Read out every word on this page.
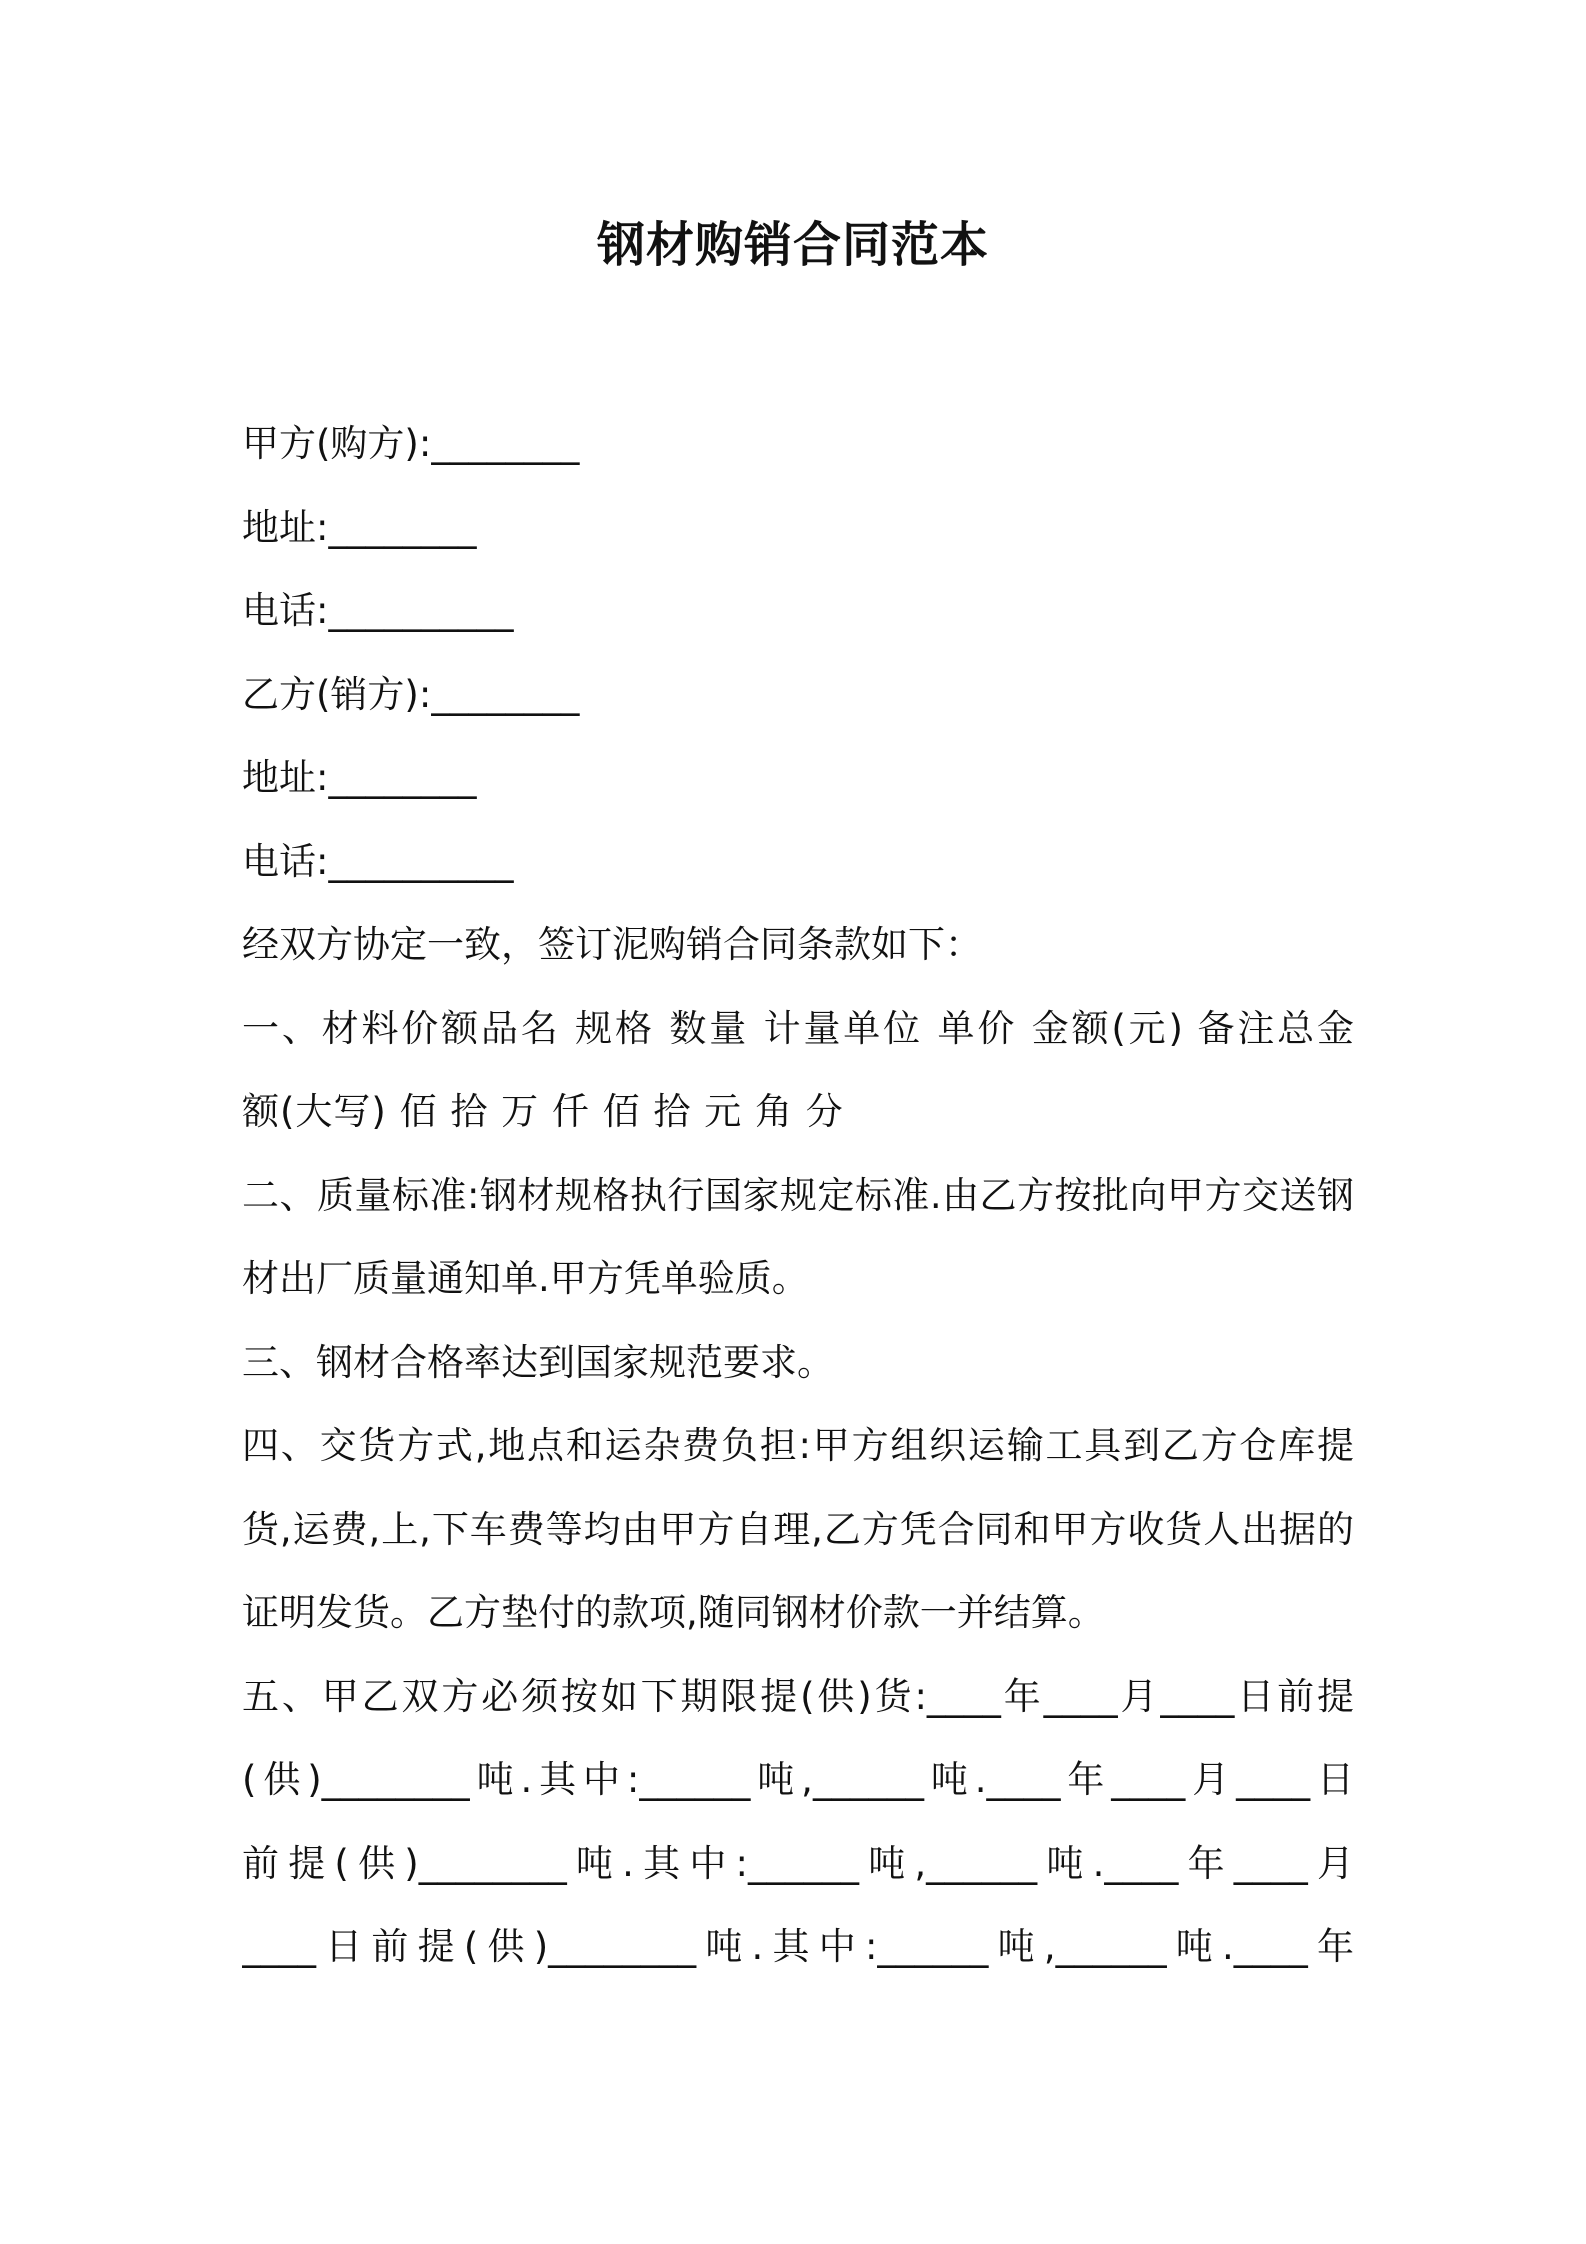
钢材购销合同范本
甲方(购方):________
地址:________
电话:__________
乙方(销方):________
地址:________
电话:__________
经双方协定一致，签订泥购销合同条款如下：
一、材料价额品名 规格 数量 计量单位 单价 金额(元) 备注总金
额(大写) 佰 拾 万 仟 佰 拾 元 角 分
二、质量标准:钢材规格执行国家规定标准.由乙方按批向甲方交送钢
材出厂质量通知单.甲方凭单验质。
三、钢材合格率达到国家规范要求。
四、交货方式,地点和运杂费负担:甲方组织运输工具到乙方仓库提
货,运费,上,下车费等均由甲方自理,乙方凭合同和甲方收货人出据的
证明发货。乙方垫付的款项,随同钢材价款一并结算。
五、甲乙双方必须按如下期限提(供)货:____年____月____日前提
(供)________吨.其中:______吨,______吨.____年____月____日
前提(供)________吨.其中:______吨,______吨.____年____月
____日前提(供)________吨.其中:______吨,______吨.____年
